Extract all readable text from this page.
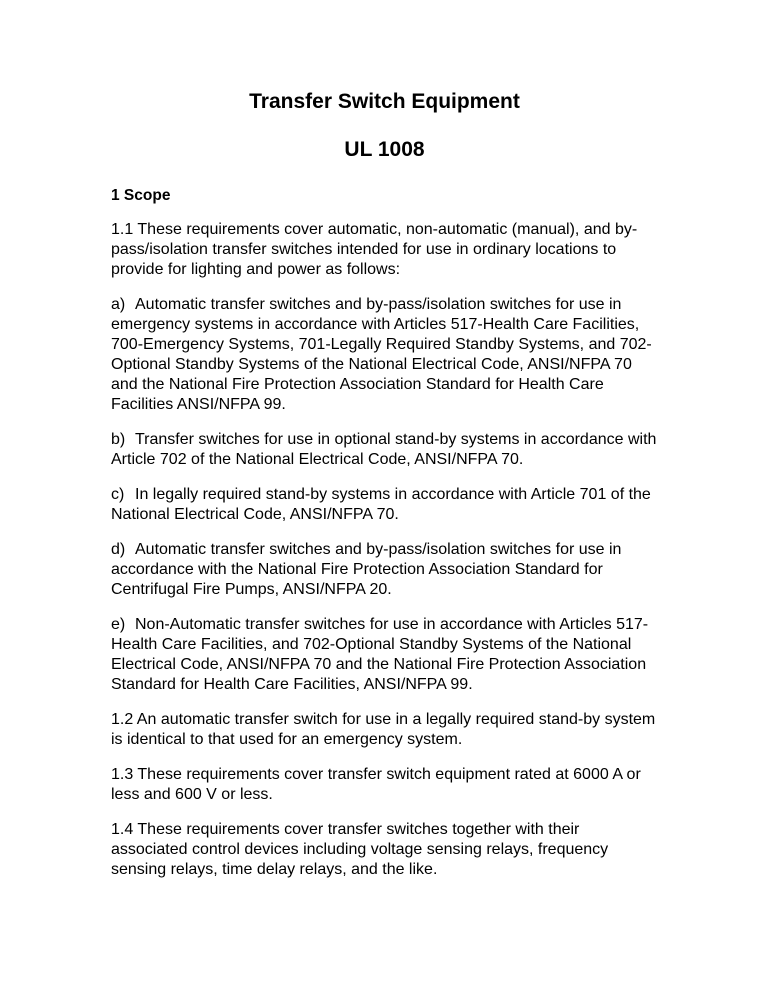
Transfer Switch Equipment
UL 1008
1 Scope

1.1 These requirements cover automatic, non-automatic (manual), and by-pass/isolation transfer switches intended for use in ordinary locations to provide for lighting and power as follows:

a) Automatic transfer switches and by-pass/isolation switches for use in emergency systems in accordance with Articles 517-Health Care Facilities, 700-Emergency Systems, 701-Legally Required Standby Systems, and 702-Optional Standby Systems of the National Electrical Code, ANSI/NFPA 70 and the National Fire Protection Association Standard for Health Care Facilities ANSI/NFPA 99.

b) Transfer switches for use in optional stand-by systems in accordance with Article 702 of the National Electrical Code, ANSI/NFPA 70.

c) In legally required stand-by systems in accordance with Article 701 of the National Electrical Code, ANSI/NFPA 70.

d) Automatic transfer switches and by-pass/isolation switches for use in accordance with the National Fire Protection Association Standard for Centrifugal Fire Pumps, ANSI/NFPA 20.

e) Non-Automatic transfer switches for use in accordance with Articles 517-Health Care Facilities, and 702-Optional Standby Systems of the National Electrical Code, ANSI/NFPA 70 and the National Fire Protection Association Standard for Health Care Facilities, ANSI/NFPA 99.

1.2 An automatic transfer switch for use in a legally required stand-by system is identical to that used for an emergency system.

1.3 These requirements cover transfer switch equipment rated at 6000 A or less and 600 V or less.

1.4 These requirements cover transfer switches together with their associated control devices including voltage sensing relays, frequency sensing relays, time delay relays, and the like.
